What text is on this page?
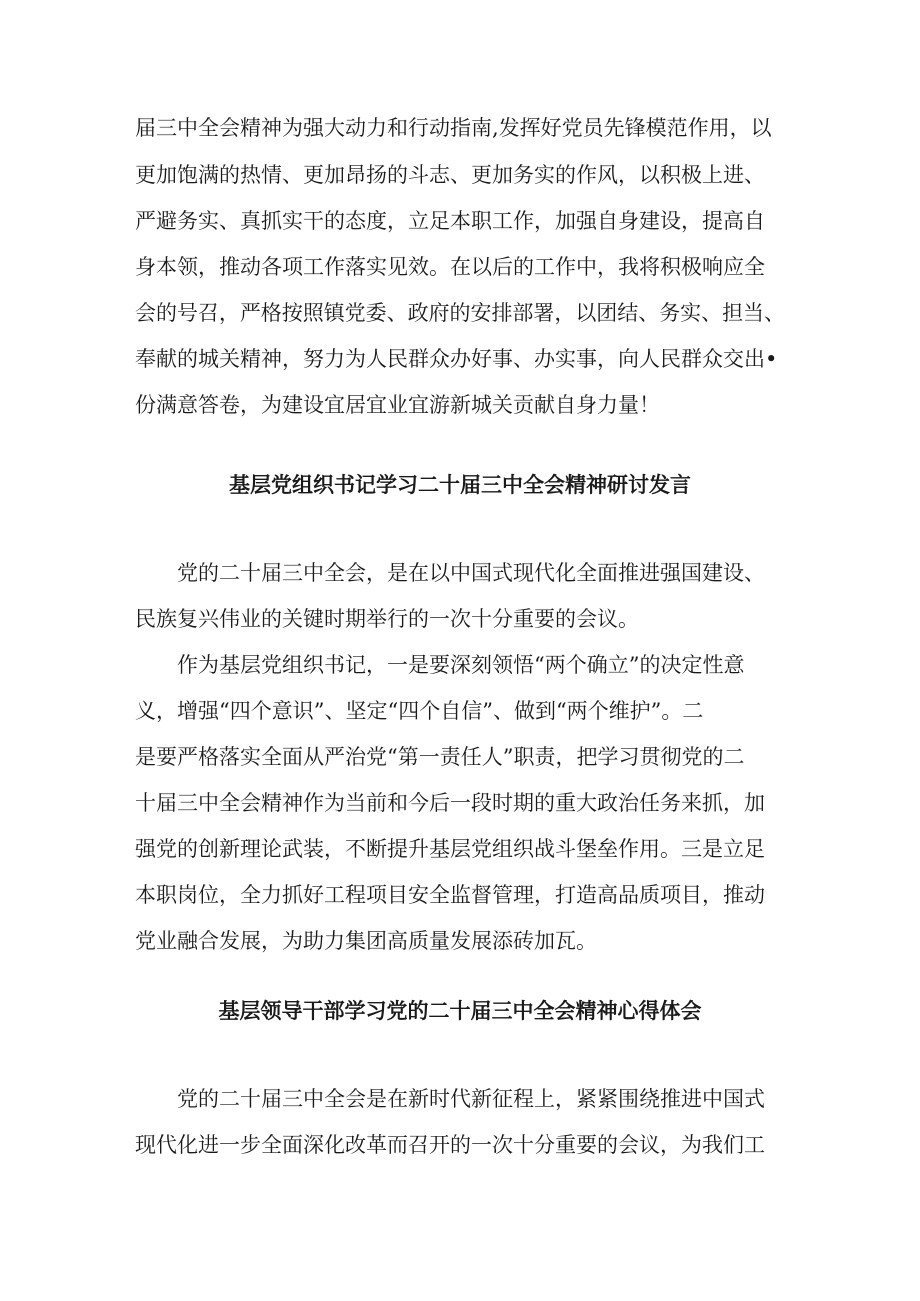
届三中全会精神为强大动力和行动指南,发挥好党员先锋模范作用，以
更加饱满的热情、更加昂扬的斗志、更加务实的作风，以积极上进、
严避务实、真抓实干的态度，立足本职工作，加强自身建设，提高自
身本领，推动各项工作落实见效。在以后的工作中，我将积极响应全
会的号召，严格按照镇党委、政府的安排部署，以团结、务实、担当、
奉献的城关精神，努力为人民群众办好事、办实事，向人民群众交出•
份满意答卷，为建设宜居宜业宜游新城关贡献自身力量！
基层党组织书记学习二十届三中全会精神研讨发言
党的二十届三中全会，是在以中国式现代化全面推进强国建设、
民族复兴伟业的关键时期举行的一次十分重要的会议。
作为基层党组织书记，一是要深刻领悟“两个确立”的决定性意
义，增强“四个意识”、坚定“四个自信”、做到“两个维护”。二
是要严格落实全面从严治党“第一责任人”职责，把学习贯彻党的二
十届三中全会精神作为当前和今后一段时期的重大政治任务来抓，加
强党的创新理论武装，不断提升基层党组织战斗堡垒作用。三是立足
本职岗位，全力抓好工程项目安全监督管理，打造高品质项目，推动
党业融合发展，为助力集团高质量发展添砖加瓦。
基层领导干部学习党的二十届三中全会精神心得体会
党的二十届三中全会是在新时代新征程上，紧紧围绕推进中国式
现代化进一步全面深化改革而召开的一次十分重要的会议，为我们工
